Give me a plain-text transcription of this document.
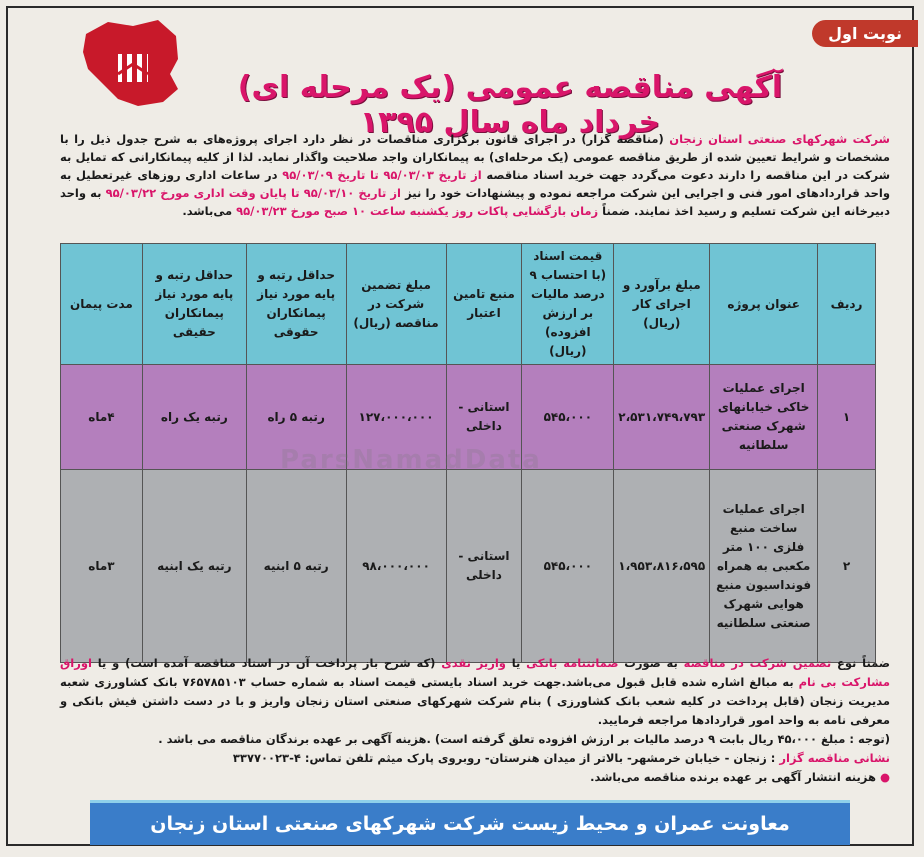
نوبت اول
آگهی مناقصه عمومی (یک مرحله ای) خرداد ماه سال ۱۳۹۵ شرکت شهرکهای صنعتی استان زنجان (مناقصه گزار) در اجرای قانون برگزاری مناقصات در نظر دارد اجرای پروژه‌های به شرح جدول ذیل را با مشخصات و شرایط تعیین شده از طریق مناقصه عمومی (یک مرحله‌ای) به پیمانکاران واجد صلاحیت واگذار نماید. لذا از کلیه پیمانکارانی که تمایل به شرکت در این مناقصه را دارند دعوت می‌گردد جهت خرید اسناد مناقصه از تاریخ ۹۵/۰۳/۰۳ تا تاریخ ۹۵/۰۳/۰۹ در ساعات اداری روزهای غیرتعطیل به واحد قراردادهای امور فنی و اجرایی این شرکت مراجعه نموده و پیشنهادات خود را نیز از تاریخ ۹۵/۰۳/۱۰ تا پایان وقت اداری مورخ ۹۵/۰۳/۲۲ به واحد دبیرخانه این شرکت تسلیم و رسید اخذ نمایند. ضمناً زمان بازگشایی پاکات روز یکشنبه ساعت ۱۰ صبح مورخ ۹۵/۰۳/۲۳ می‌باشد.
ردیف	عنوان پروژه	مبلغ برآورد و اجرای کار (ریال)	قیمت اسناد (با احتساب ۹ درصد مالیات بر ارزش افزوده) (ریال)	منبع تامین اعتبار	مبلغ تضمین شرکت در مناقصه (ریال)	حداقل رتبه و پایه مورد نیاز پیمانکاران حقوقی	حداقل رتبه و پایه مورد نیاز پیمانکاران حقیقی	مدت پیمان
۱	اجرای عملیات خاکی خیابانهای شهرک صنعتی سلطانیه	۲،۵۳۱،۷۴۹،۷۹۳	۵۴۵،۰۰۰	استانی - داخلی	۱۲۷،۰۰۰،۰۰۰	رتبه ۵ راه	رتبه یک راه	۴ماه
۲	اجرای عملیات ساخت منبع فلزی ۱۰۰ متر مکعبی به همراه فونداسیون منبع هوایی شهرک صنعتی سلطانیه	۱،۹۵۳،۸۱۶،۵۹۵	۵۴۵،۰۰۰	استانی - داخلی	۹۸،۰۰۰،۰۰۰	رتبه ۵ ابنیه	رتبه یک ابنیه	۳ماه
ParsNamadData
ضمناً نوع تضمین شرکت در مناقصه به صورت ضمانتنامه بانکی یا واریز نقدی (که شرح باز پرداخت آن در اسناد مناقصه آمده است) و یا اوراق مشارکت بی نام به مبالغ اشاره شده قابل قبول می‌باشد.جهت خرید اسناد بایستی قیمت اسناد به شماره حساب ۷۶۵۷۸۵۱۰۳ بانک کشاورزی شعبه مدیریت زنجان (قابل پرداخت در کلیه شعب بانک کشاورزی ) بنام شرکت شهرکهای صنعتی استان زنجان واریز و با در دست داشتن فیش بانکی و معرفی نامه به واحد امور قراردادها مراجعه فرمایید.
(توجه : مبلغ ۴۵،۰۰۰ ریال بابت ۹ درصد مالیات بر ارزش افزوده تعلق گرفته است) .هزینه آگهی بر عهده برندگان مناقصه می باشد .
نشانی مناقصه گزار : زنجان - خیابان خرمشهر- بالاتر از میدان هنرستان- روبروی پارک میثم تلفن تماس: ۴-۳۳۷۷۰۰۲۳
● هزینه انتشار آگهی بر عهده برنده مناقصه می‌باشد.
معاونت عمران و محیط زیست شرکت شهرکهای صنعتی استان زنجان
